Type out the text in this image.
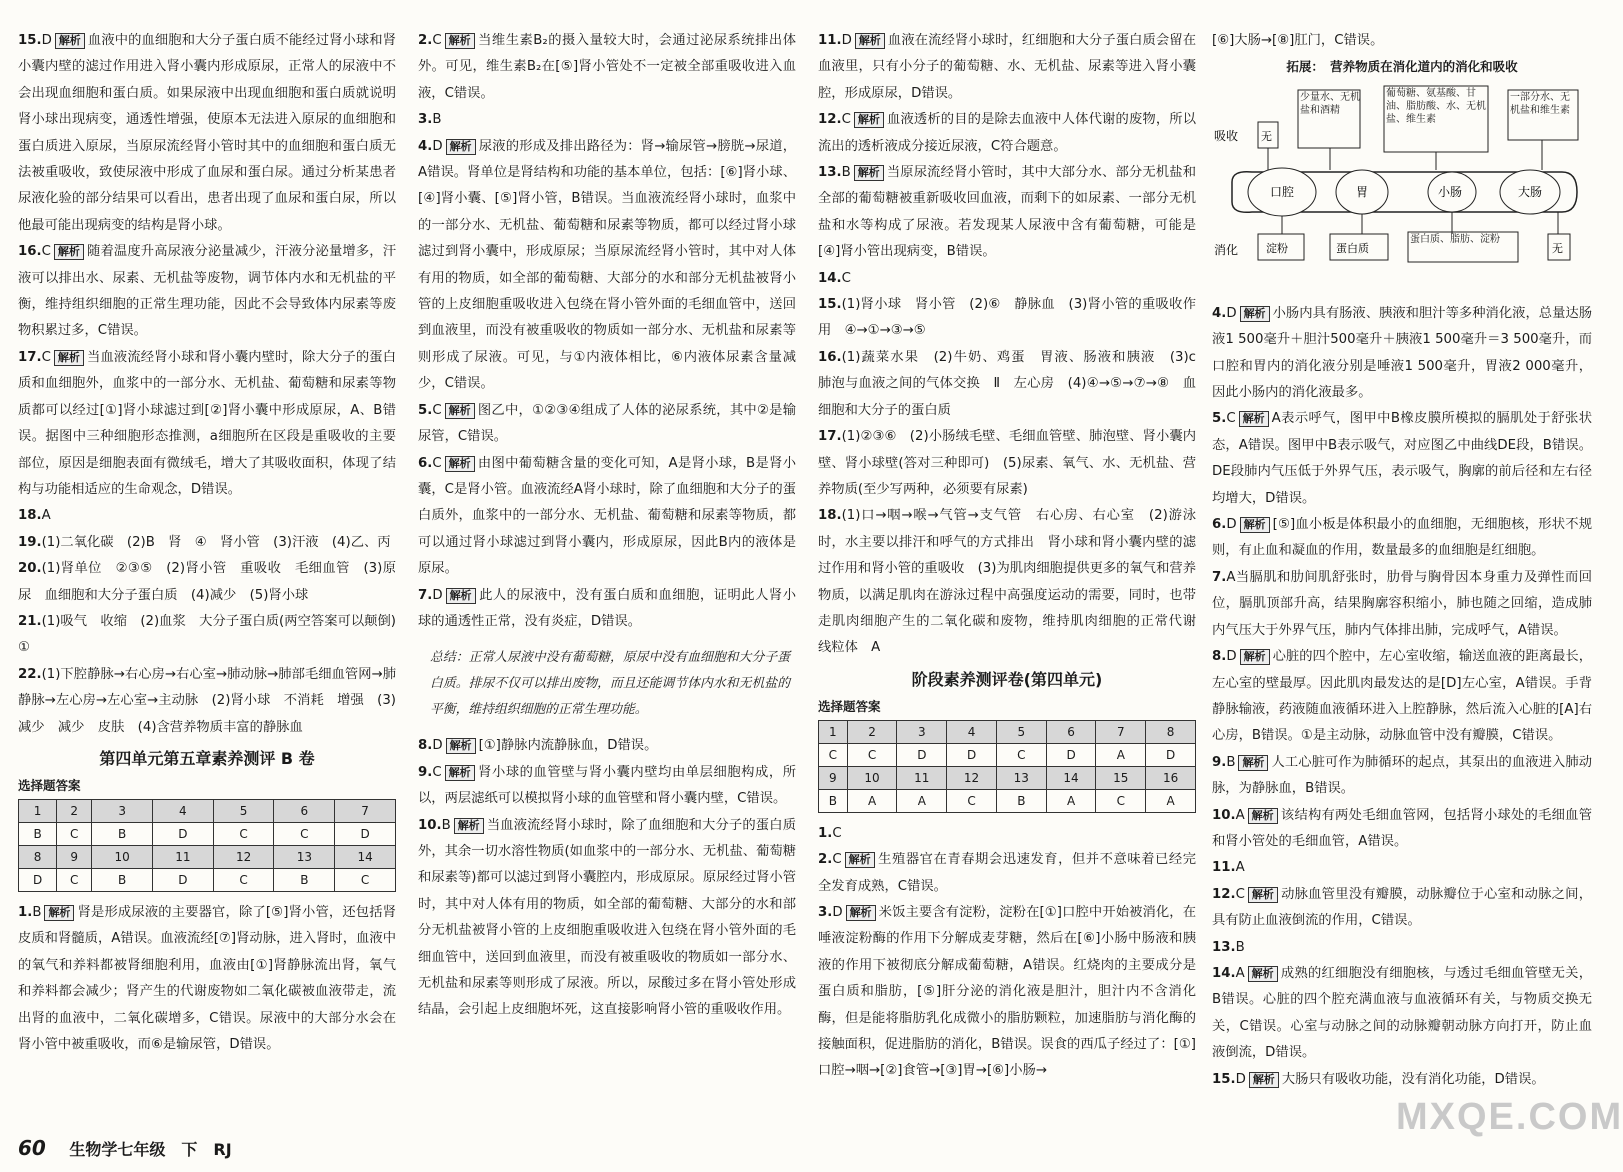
15.D 解析 血液中的血细胞和大分子蛋白质不能经过肾小球和肾小囊内壁的滤过作用进入肾小囊内形成原尿，正常人的尿液中不会出现血细胞和蛋白质。如果尿液中出现血细胞和蛋白质就说明肾小球出现病变，通透性增强，使原本无法进入原尿的血细胞和蛋白质进入原尿，当原尿流经肾小管时其中的血细胞和蛋白质无法被重吸收，致使尿液中形成了血尿和蛋白尿。通过分析某患者尿液化验的部分结果可以看出，患者出现了血尿和蛋白尿，所以他最可能出现病变的结构是肾小球。

16.C 解析 随着温度升高尿液分泌量减少，汗液分泌量增多，汗液可以排出水、尿素、无机盐等废物，调节体内水和无机盐的平衡，维持组织细胞的正常生理功能，因此不会导致体内尿素等废物积累过多，C错误。

17.C 解析 当血液流经肾小球和肾小囊内壁时，除大分子的蛋白质和血细胞外，血浆中的一部分水、无机盐、葡萄糖和尿素等物质都可以经过[①]肾小球滤过到[②]肾小囊中形成原尿，A、B错误。据图中三种细胞形态推测，a细胞所在区段是重吸收的主要部位，原因是细胞表面有微绒毛，增大了其吸收面积，体现了结构与功能相适应的生命观念，D错误。

18.A

19.(1)二氧化碳　(2)B　肾　④　肾小管　(3)汗液　(4)乙、丙

20.(1)肾单位　②③⑤　(2)肾小管　重吸收　毛细血管　(3)原尿　血细胞和大分子蛋白质　(4)减少　(5)肾小球

21.(1)吸气　收缩　(2)血浆　大分子蛋白质(两空答案可以颠倒)　①

22.(1)下腔静脉→右心房→右心室→肺动脉→肺部毛细血管网→肺静脉→左心房→左心室→主动脉　(2)肾小球　不消耗　增强　(3)减少　减少　皮肤　(4)含营养物质丰富的静脉血

第四单元第五章素养测评 B 卷
选择题答案
1	2	3	4	5	6	7
B	C	B	D	C	C	D
8	9	10	11	12	13	14
D	C	B	D	C	B	C

1.B 解析 肾是形成尿液的主要器官，除了[⑤]肾小管，还包括肾皮质和肾髓质，A错误。血液流经[⑦]肾动脉，进入肾时，血液中的氧气和养料都被肾细胞利用，血液由[①]肾静脉流出肾，氧气和养料都会减少；肾产生的代谢废物如二氧化碳被血液带走，流出肾的血液中，二氧化碳增多，C错误。尿液中的大部分水会在肾小管中被重吸收，而⑥是输尿管，D错误。

2.C 解析 当维生素B₂的摄入量较大时，会通过泌尿系统排出体外。可见，维生素B₂在[⑤]肾小管处不一定被全部重吸收进入血液，C错误。

3.B

4.D 解析 尿液的形成及排出路径为：肾→输尿管→膀胱→尿道，A错误。肾单位是肾结构和功能的基本单位，包括：[⑥]肾小球、[④]肾小囊、[⑤]肾小管，B错误。当血液流经肾小球时，血浆中的一部分水、无机盐、葡萄糖和尿素等物质，都可以经过肾小球滤过到肾小囊中，形成原尿；当原尿流经肾小管时，其中对人体有用的物质，如全部的葡萄糖、大部分的水和部分无机盐被肾小管的上皮细胞重吸收进入包绕在肾小管外面的毛细血管中，送回到血液里，而没有被重吸收的物质如一部分水、无机盐和尿素等则形成了尿液。可见，与①内液体相比，⑥内液体尿素含量减少，C错误。

5.C 解析 图乙中，①②③④组成了人体的泌尿系统，其中②是输尿管，C错误。

6.C 解析 由图中葡萄糖含量的变化可知，A是肾小球，B是肾小囊，C是肾小管。血液流经A肾小球时，除了血细胞和大分子的蛋白质外，血浆中的一部分水、无机盐、葡萄糖和尿素等物质，都可以通过肾小球滤过到肾小囊内，形成原尿，因此B内的液体是原尿。

7.D 解析 此人的尿液中，没有蛋白质和血细胞，证明此人肾小球的通透性正常，没有炎症，D错误。

总结：正常人尿液中没有葡萄糖，原尿中没有血细胞和大分子蛋白质。排尿不仅可以排出废物，而且还能调节体内水和无机盐的平衡，维持组织细胞的正常生理功能。

8.D 解析 [①]静脉内流静脉血，D错误。

9.C 解析 肾小球的血管壁与肾小囊内壁均由单层细胞构成，所以，两层滤纸可以模拟肾小球的血管壁和肾小囊内壁，C错误。

10.B 解析 当血液流经肾小球时，除了血细胞和大分子的蛋白质外，其余一切水溶性物质(如血浆中的一部分水、无机盐、葡萄糖和尿素等)都可以滤过到肾小囊腔内，形成原尿。原尿经过肾小管时，其中对人体有用的物质，如全部的葡萄糖、大部分的水和部分无机盐被肾小管的上皮细胞重吸收进入包绕在肾小管外面的毛细血管中，送回到血液里，而没有被重吸收的物质如一部分水、无机盐和尿素等则形成了尿液。所以，尿酸过多在肾小管处形成结晶，会引起上皮细胞坏死，这直接影响肾小管的重吸收作用。

11.D 解析 血液在流经肾小球时，红细胞和大分子蛋白质会留在血液里，只有小分子的葡萄糖、水、无机盐、尿素等进入肾小囊腔，形成原尿，D错误。

12.C 解析 血液透析的目的是除去血液中人体代谢的废物，所以流出的透析液成分接近尿液，C符合题意。

13.B 解析 当原尿流经肾小管时，其中大部分水、部分无机盐和全部的葡萄糖被重新吸收回血液，而剩下的如尿素、一部分无机盐和水等构成了尿液。若发现某人尿液中含有葡萄糖，可能是[④]肾小管出现病变，B错误。

14.C

15.(1)肾小球　肾小管　(2)⑥　静脉血　(3)肾小管的重吸收作用　④→①→③→⑤

16.(1)蔬菜水果　(2)牛奶、鸡蛋　胃液、肠液和胰液　(3)c　肺泡与血液之间的气体交换　Ⅱ　左心房　(4)④→⑤→⑦→⑧　血细胞和大分子的蛋白质

17.(1)②③⑥　(2)小肠绒毛壁、毛细血管壁、肺泡壁、肾小囊内壁、肾小球壁(答对三种即可)　(5)尿素、氧气、水、无机盐、营养物质(至少写两种，必须要有尿素)

18.(1)口→咽→喉→气管→支气管　右心房、右心室　(2)游泳时，水主要以排汗和呼气的方式排出　肾小球和肾小囊内壁的滤过作用和肾小管的重吸收　(3)为肌肉细胞提供更多的氧气和营养物质，以满足肌肉在游泳过程中高强度运动的需要，同时，也带走肌肉细胞产生的二氧化碳和废物，维持肌肉细胞的正常代谢　线粒体　A

阶段素养测评卷(第四单元)
选择题答案
1	2	3	4	5	6	7	8
C	C	D	D	C	D	A	D
9	10	11	12	13	14	15	16
B	A	A	C	B	A	C	A

1.C

2.C 解析 生殖器官在青春期会迅速发育，但并不意味着已经完全发育成熟，C错误。

3.D 解析 米饭主要含有淀粉，淀粉在[①]口腔中开始被消化，在唾液淀粉酶的作用下分解成麦芽糖，然后在[⑥]小肠中肠液和胰液的作用下被彻底分解成葡萄糖，A错误。红烧肉的主要成分是蛋白质和脂肪，[⑤]肝分泌的消化液是胆汁，胆汁内不含消化酶，但是能将脂肪乳化成微小的脂肪颗粒，加速脂肪与消化酶的接触面积，促进脂肪的消化，B错误。误食的西瓜子经过了：[①]口腔→咽→[②]食管→[③]胃→[⑥]小肠→

[⑥]大肠→[⑧]肛门，C错误。

拓展：　营养物质在消化道内的消化和吸收
吸收 无
少量水、无机盐和酒精
葡萄糖、氨基酸、甘油、脂肪酸、水、无机盐、维生素
一部分水、无机盐和维生素
口腔	胃	小肠	大肠
消化	淀粉	蛋白质
蛋白质、脂肪、淀粉
无

4.D 解析 小肠内具有肠液、胰液和胆汁等多种消化液，总量达肠液1 500毫升＋胆汁500毫升＋胰液1 500毫升＝3 500毫升，而口腔和胃内的消化液分别是唾液1 500毫升，胃液2 000毫升，因此小肠内的消化液最多。

5.C 解析 A表示呼气，图甲中B橡皮膜所模拟的膈肌处于舒张状态，A错误。图甲中B表示吸气，对应图乙中曲线DE段，B错误。DE段肺内气压低于外界气压，表示吸气，胸廓的前后径和左右径均增大，D错误。

6.D 解析 [⑤]血小板是体积最小的血细胞，无细胞核，形状不规则，有止血和凝血的作用，数量最多的血细胞是红细胞。

7.A当膈肌和肋间肌舒张时，肋骨与胸骨因本身重力及弹性而回位，膈肌顶部升高，结果胸廓容积缩小，肺也随之回缩，造成肺内气压大于外界气压，肺内气体排出肺，完成呼气，A错误。

8.D 解析 心脏的四个腔中，左心室收缩，输送血液的距离最长，左心室的壁最厚。因此肌肉最发达的是[D]左心室，A错误。手背静脉输液，药液随血液循环进入上腔静脉，然后流入心脏的[A]右心房，B错误。①是主动脉，动脉血管中没有瓣膜，C错误。

9.B 解析 人工心脏可作为肺循环的起点，其泵出的血液进入肺动脉，为静脉血，B错误。

10.A 解析 该结构有两处毛细血管网，包括肾小球处的毛细血管和肾小管处的毛细血管，A错误。

11.A

12.C 解析 动脉血管里没有瓣膜，动脉瓣位于心室和动脉之间，具有防止血液倒流的作用，C错误。

13.B

14.A 解析 成熟的红细胞没有细胞核，与透过毛细血管壁无关，B错误。心脏的四个腔充满血液与血液循环有关，与物质交换无关，C错误。心室与动脉之间的动脉瓣朝动脉方向打开，防止血液倒流，D错误。

15.D 解析 大肠只有吸收功能，没有消化功能，D错误。

60 生物学七年级　下　RJ
MXQE.COM
